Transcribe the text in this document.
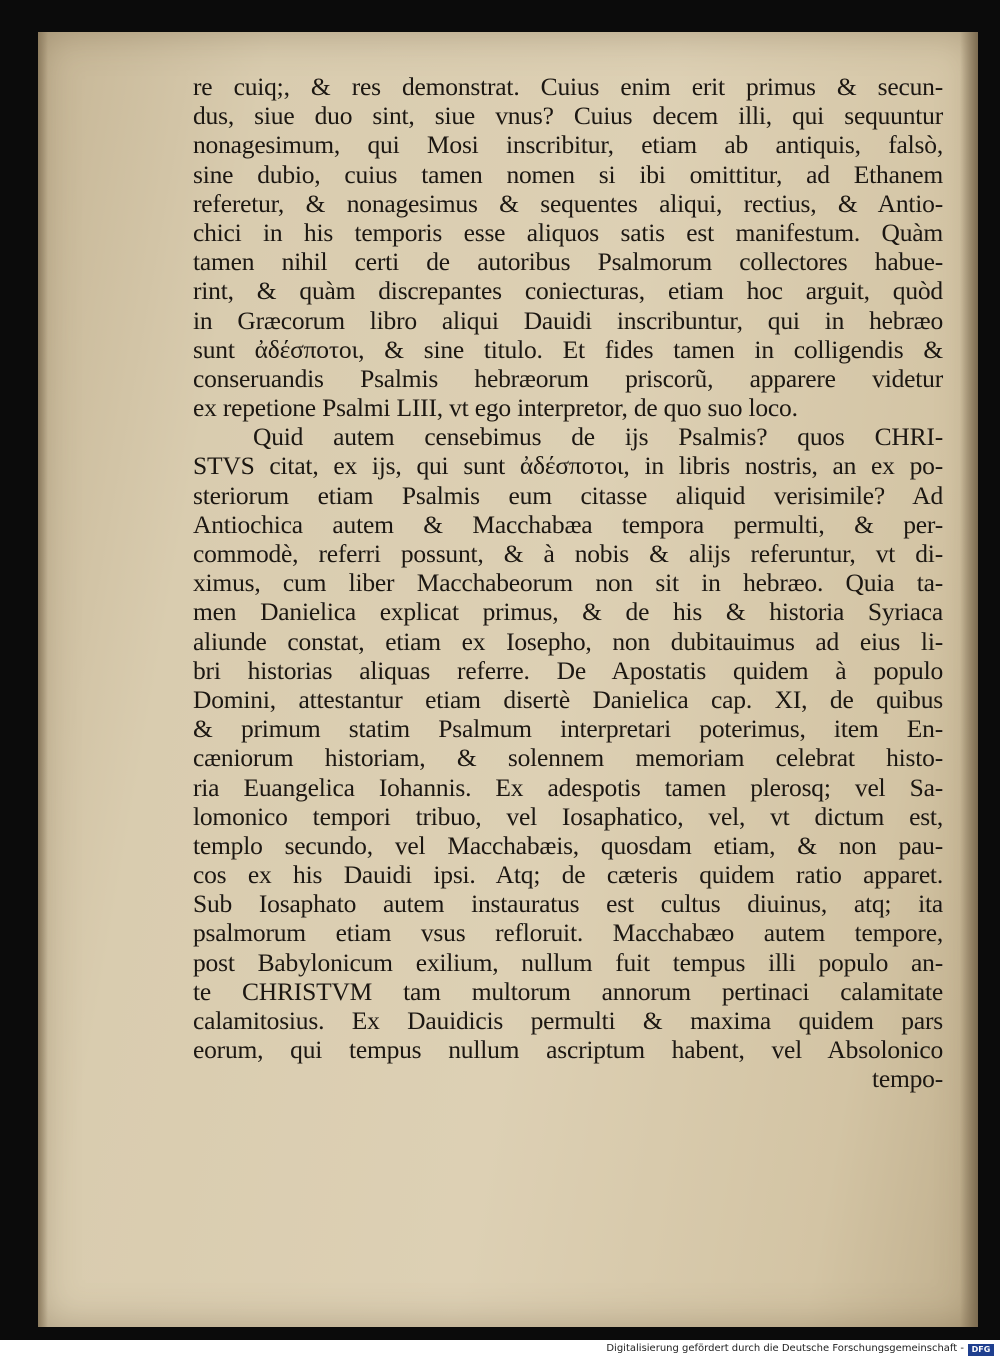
re cuiq;, & res demonstrat. Cuius enim erit primus & secun-
dus, siue duo sint, siue vnus? Cuius decem illi, qui sequuntur
nonagesimum, qui Mosi inscribitur, etiam ab antiquis, falsò,
sine dubio, cuius tamen nomen si ibi omittitur, ad Ethanem
referetur, & nonagesimus & sequentes aliqui, rectius, & Antio-
chici in his temporis esse aliquos satis est manifestum. Quàm
tamen nihil certi de autoribus Psalmorum collectores habue-
rint, & quàm discrepantes coniecturas, etiam hoc arguit, quòd
in Græcorum libro aliqui Dauidi inscribuntur, qui in hebræo
sunt ἀδέσποτοι, & sine titulo. Et fides tamen in colligendis &
conseruandis Psalmis hebræorum priscorũ, apparere videtur
ex repetione Psalmi LIII, vt ego interpretor, de quo suo loco.
Quid autem censebimus de ijs Psalmis? quos CHRI-
STVS citat, ex ijs, qui sunt ἀδέσποτοι, in libris nostris, an ex po-
steriorum etiam Psalmis eum citasse aliquid verisimile? Ad
Antiochica autem & Macchabæa tempora permulti, & per-
commodè, referri possunt, & à nobis & alijs referuntur, vt di-
ximus, cum liber Macchabeorum non sit in hebræo. Quia ta-
men Danielica explicat primus, & de his & historia Syriaca
aliunde constat, etiam ex Iosepho, non dubitauimus ad eius li-
bri historias aliquas referre. De Apostatis quidem à populo
Domini, attestantur etiam disertè Danielica cap. XI, de quibus
& primum statim Psalmum interpretari poterimus, item En-
cæniorum historiam, & solennem memoriam celebrat histo-
ria Euangelica Iohannis. Ex adespotis tamen plerosq; vel Sa-
lomonico tempori tribuo, vel Iosaphatico, vel, vt dictum est,
templo secundo, vel Macchabæis, quosdam etiam, & non pau-
cos ex his Dauidi ipsi. Atq; de cæteris quidem ratio apparet.
Sub Iosaphato autem instauratus est cultus diuinus, atq; ita
psalmorum etiam vsus refloruit. Macchabæo autem tempore,
post Babylonicum exilium, nullum fuit tempus illi populo an-
te CHRISTVM tam multorum annorum pertinaci calamitate
calamitosius. Ex Dauidicis permulti & maxima quidem pars
eorum, qui tempus nullum ascriptum habent, vel Absolonico
tempo-
Digitalisierung gefördert durch die Deutsche Forschungsgemeinschaft - DFG
